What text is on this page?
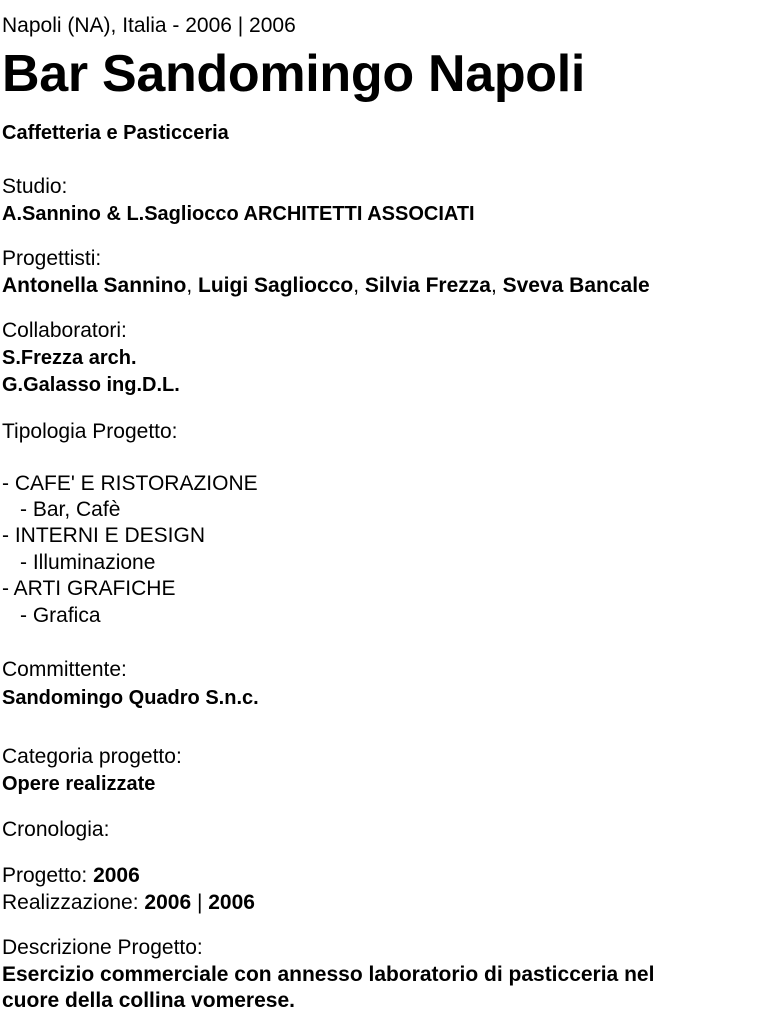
Napoli (NA), Italia - 2006 | 2006
Bar Sandomingo Napoli
Caffetteria e Pasticceria
Studio:
A.Sannino & L.Sagliocco ARCHITETTI ASSOCIATI
Progettisti:
Antonella Sannino, Luigi Sagliocco, Silvia Frezza, Sveva Bancale
Collaboratori:
S.Frezza arch.
G.Galasso ing.D.L.
Tipologia Progetto:
- CAFE' E RISTORAZIONE
- Bar, Cafè
- INTERNI E DESIGN
- Illuminazione
- ARTI GRAFICHE
- Grafica
Committente:
Sandomingo Quadro S.n.c.
Categoria progetto:
Opere realizzate
Cronologia:
Progetto: 2006
Realizzazione: 2006 | 2006
Descrizione Progetto:
Esercizio commerciale con annesso laboratorio di pasticceria nel
cuore della collina vomerese.
